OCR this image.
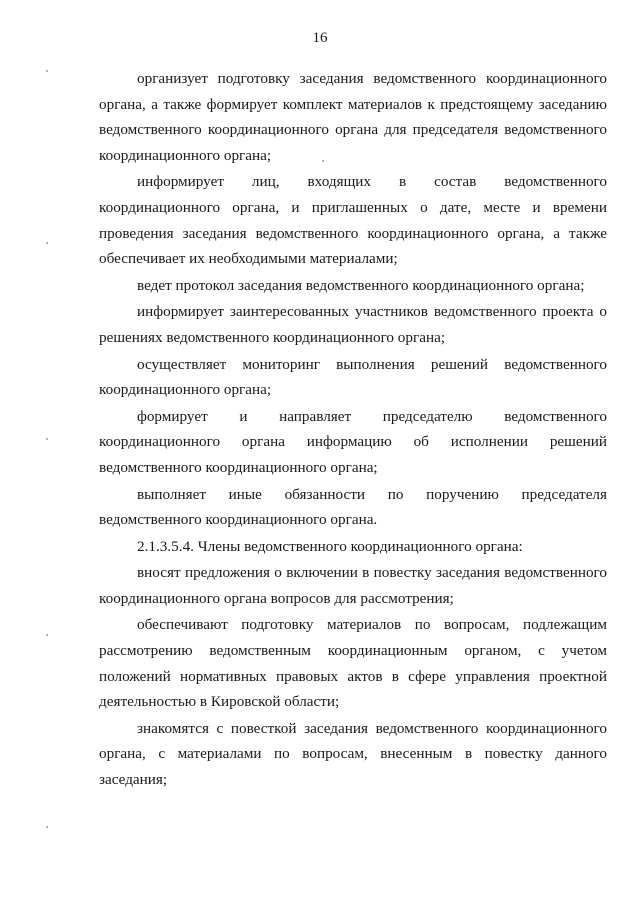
16

организует подготовку заседания ведомственного координационного органа, а также формирует комплект материалов к предстоящему заседанию ведомственного координационного органа для председателя ведомственного координационного органа;

информирует лиц, входящих в состав ведомственного координационного органа, и приглашенных о дате, месте и времени проведения заседания ведомственного координационного органа, а также обеспечивает их необходимыми материалами;

ведет протокол заседания ведомственного координационного органа;

информирует заинтересованных участников ведомственного проекта о решениях ведомственного координационного органа;

осуществляет мониторинг выполнения решений ведомственного координационного органа;

формирует и направляет председателю ведомственного координационного органа информацию об исполнении решений ведомственного координационного органа;

выполняет иные обязанности по поручению председателя ведомственного координационного органа.

2.1.3.5.4. Члены ведомственного координационного органа:

вносят предложения о включении в повестку заседания ведомственного координационного органа вопросов для рассмотрения;

обеспечивают подготовку материалов по вопросам, подлежащим рассмотрению ведомственным координационным органом, с учетом положений нормативных правовых актов в сфере управления проектной деятельностью в Кировской области;

знакомятся с повесткой заседания ведомственного координационного органа, с материалами по вопросам, внесенным в повестку данного заседания;
